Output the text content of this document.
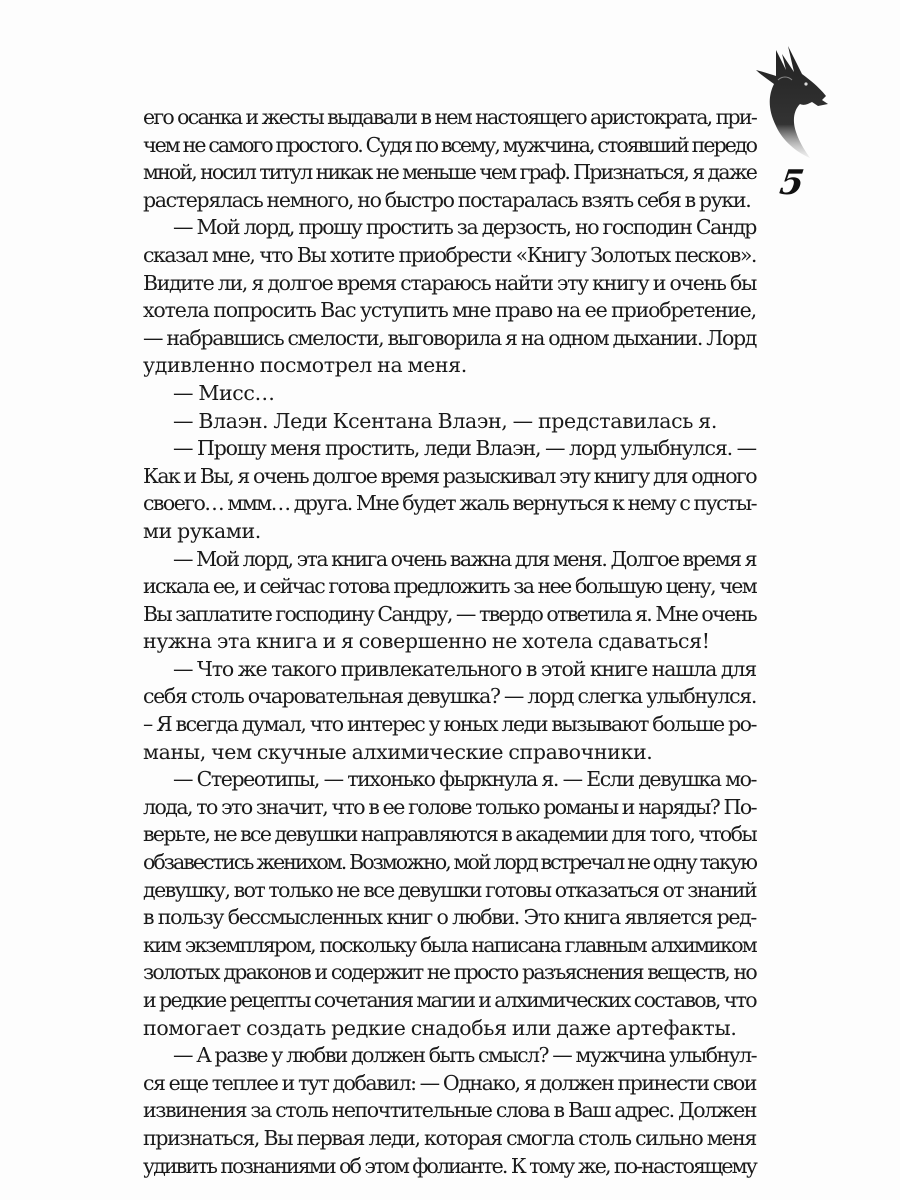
5
его осанка и жесты выдавали в нем настоящего аристократа, при-
чем не самого простого. Судя по всему, мужчина, стоявший передо
мной, носил титул никак не меньше чем граф. Признаться, я даже
растерялась немного, но быстро постаралась взять себя в руки.
— Мой лорд, прошу простить за дерзость, но господин Сандр
сказал мне, что Вы хотите приобрести «Книгу Золотых песков».
Видите ли, я долгое время стараюсь найти эту книгу и очень бы
хотела попросить Вас уступить мне право на ее приобретение,
— набравшись смелости, выговорила я на одном дыхании. Лорд
удивленно посмотрел на меня.
— Мисс…
— Влаэн. Леди Ксентана Влаэн, — представилась я.
— Прошу меня простить, леди Влаэн, — лорд улыбнулся. —
Как и Вы, я очень долгое время разыскивал эту книгу для одного
своего… ммм… друга. Мне будет жаль вернуться к нему с пусты-
ми руками.
— Мой лорд, эта книга очень важна для меня. Долгое время я
искала ее, и сейчас готова предложить за нее большую цену, чем
Вы заплатите господину Сандру, — твердо ответила я. Мне очень
нужна эта книга и я совершенно не хотела сдаваться!
— Что же такого привлекательного в этой книге нашла для
себя столь очаровательная девушка? — лорд слегка улыбнулся.
– Я всегда думал, что интерес у юных леди вызывают больше ро-
маны, чем скучные алхимические справочники.
— Стереотипы, — тихонько фыркнула я. — Если девушка мо-
лода, то это значит, что в ее голове только романы и наряды? По-
верьте, не все девушки направляются в академии для того, чтобы
обзавестись женихом. Возможно, мой лорд встречал не одну такую
девушку, вот только не все девушки готовы отказаться от знаний
в пользу бессмысленных книг о любви. Это книга является ред-
ким экземпляром, поскольку была написана главным алхимиком
золотых драконов и содержит не просто разъяснения веществ, но
и редкие рецепты сочетания магии и алхимических составов, что
помогает создать редкие снадобья или даже артефакты.
— А разве у любви должен быть смысл? — мужчина улыбнул-
ся еще теплее и тут добавил: — Однако, я должен принести свои
извинения за столь непочтительные слова в Ваш адрес. Должен
признаться, Вы первая леди, которая смогла столь сильно меня
удивить познаниями об этом фолианте. К тому же, по-настоящему
